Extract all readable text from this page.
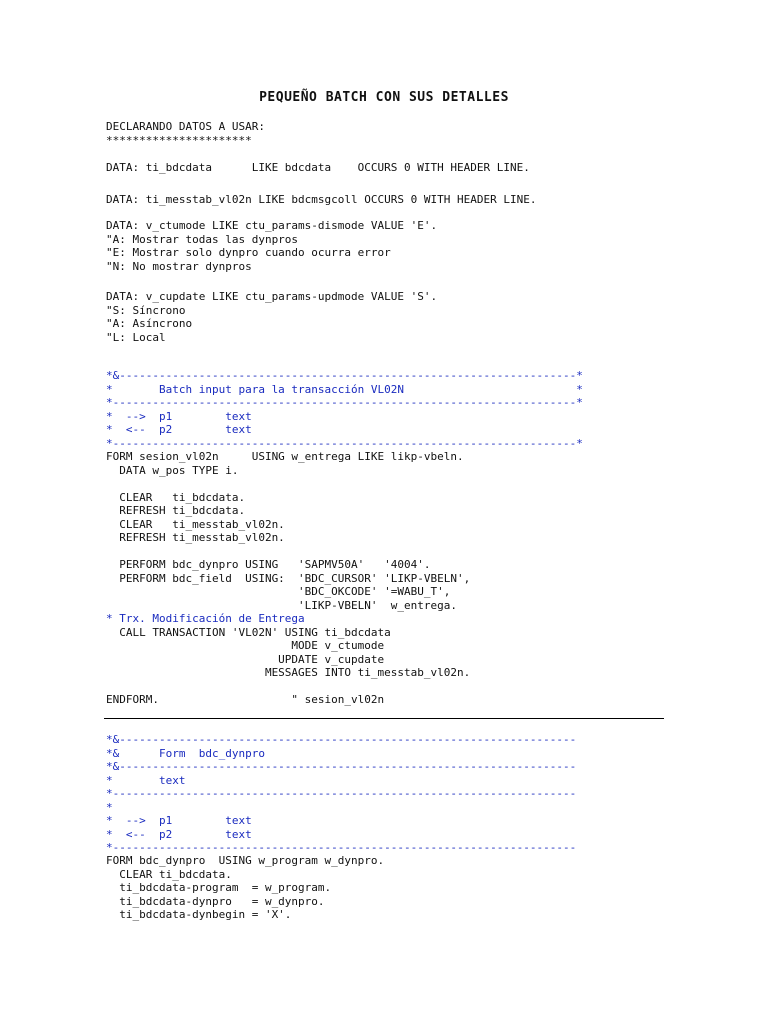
PEQUEÑO BATCH CON SUS DETALLES
DECLARANDO DATOS A USAR:
**********************
DATA: ti_bdcdata      LIKE bdcdata    OCCURS 0 WITH HEADER LINE.
DATA: ti_messtab_vl02n LIKE bdcmsgcoll OCCURS 0 WITH HEADER LINE.
DATA: v_ctumode LIKE ctu_params-dismode VALUE 'E'.
"A: Mostrar todas las dynpros
"E: Mostrar solo dynpro cuando ocurra error
"N: No mostrar dynpros
DATA: v_cupdate LIKE ctu_params-updmode VALUE 'S'.
"S: Síncrono
"A: Asíncrono
"L: Local
*&---------------------------------------------------------------------*
*       Batch input para la transacción VL02N                          *
*----------------------------------------------------------------------*
*  -->  p1        text
*  <--  p2        text
*----------------------------------------------------------------------*
FORM sesion_vl02n     USING w_entrega LIKE likp-vbeln.
DATA w_pos TYPE i.

CLEAR   ti_bdcdata.
REFRESH ti_bdcdata.
CLEAR   ti_messtab_vl02n.
REFRESH ti_messtab_vl02n.

PERFORM bdc_dynpro USING   'SAPMV50A'   '4004'.
PERFORM bdc_field  USING:  'BDC_CURSOR' 'LIKP-VBELN',
'BDC_OKCODE' '=WABU_T',
'LIKP-VBELN'  w_entrega.
* Trx. Modificación de Entrega
CALL TRANSACTION 'VL02N' USING ti_bdcdata
MODE v_ctumode
UPDATE v_cupdate
MESSAGES INTO ti_messtab_vl02n.

ENDFORM.                    " sesion_vl02n
*&---------------------------------------------------------------------
*&      Form  bdc_dynpro
*&---------------------------------------------------------------------
*       text
*----------------------------------------------------------------------
*
*  -->  p1        text
*  <--  p2        text
*----------------------------------------------------------------------
FORM bdc_dynpro  USING w_program w_dynpro.
CLEAR ti_bdcdata.
ti_bdcdata-program  = w_program.
ti_bdcdata-dynpro   = w_dynpro.
ti_bdcdata-dynbegin = 'X'.
